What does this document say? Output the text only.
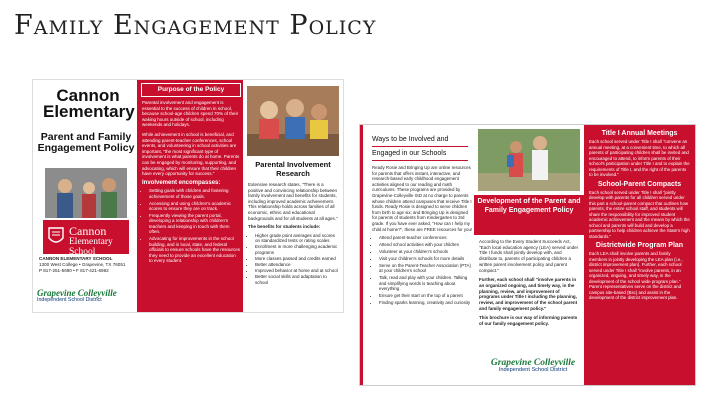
Family Engagement Policy
Cannon Elementary
Parent and Family Engagement Policy
Cannon
Elementary School
CANNON ELEMENTARY SCHOOL
1300 West College • Grapevine, TX 76051
P 817-251-5690 • F 817-421-6982
Grapevine Colleyville
Independent School District
Purpose of the Policy

Parental involvement and engagement is essential to the success of children in school, because school-age children spend 70% of their waking hours outside of school, including weekends and holidays.

While achievement in school is beneficial, and attending parent-teacher conferences, school events, and volunteering in school activities are important, "the most significant type of involvement is what parents do at home. Parents can be engaged by monitoring, supporting, and advocating, which will ensure that their children have every opportunity for success."

Involvement encompasses:
• Setting goals with children and fostering achievement of those goals.
• Accessing and using children's academic scores to ensure they are on track.
• Frequently viewing the parent portal, developing a relationship with children's teachers and keeping in touch with them often.
• Advocating for improvements in the school building, and in local, state, and federal officials to ensure schools have the resources they need to provide an excellent education to every student.
Parental Involvement Research

Extensive research states, "There is a positive and convincing relationship between family involvement and benefits for students, including improved academic achievement. This relationship holds across families of all economic, ethnic and educational backgrounds and for all students at all ages."

The benefits for students include:

• Higher grade point averages and scores on standardized tests or rating scales
• Enrollment in more challenging academic programs
• More classes passed and credits earned
• Better attendance
• Improved behavior at home and at school
• Better social skills and adaptation to school
Ways to be Involved and
Engaged in our Schools

Ready Rosie and Bringing Up are online resources for parents that offers instant, interactive, and research-based early childhood engagement activities aligned to our reading and math curriculums. These programs are provided by Grapevine-Colleyville ISD at no charge to parents whose children attend campuses that receive Title I funds. Ready Rosie is designed to serve children from birth to age six; and Bringing Up is designed for parents of students from Kindergarten to 3rd grade. If you have ever asked, "How can I help my child at home?", these are FREE resources for you!

• Attend parent-teacher conferences
• Attend school activities with your children
• Volunteer at your children's schools
• Visit your children's schools for more details
• Serve on the Parent-Teacher Association (PTA) at your children's school
• Talk, read and play with your children. Talking and simplifying words is teaching about everything
• Ensure get their start on the top of a parent
• Finding sparks learning, creativity and curiosity
Development of the Parent and Family Engagement Policy

According to the Every Student Succeeds Act, "Each local education agency (LEA) served under Title I funds shall jointly develop with, and distribute to, parents of participating children a written parent involvement policy and parent compact."

Further, each school shall "involve parents in an organized ongoing, and timely way, in the planning, review, and improvement of programs under Title I including the planning, review, and improvement of the school parent and family engagement policy."

This brochure is our way of informing parents of our family engagement policy.

Grapevine Colleyville
Independent School District
Title I Annual Meetings

Each school served under Title I shall "convene an annual meeting, at a convenient time, to which all parents of participating children shall be invited and encouraged to attend, to inform parents of their school's participation under Title I and to explain the requirements of Title I, and the right of the parents to be involved."

School-Parent Compacts

Each school served under Title I shall "jointly develop with parents for all children served under this part a school-parent compact that outlines how parents, the entire school staff, and students will share the responsibility for improved student academic achievement and the means by which the school and parents will build and develop a partnership to help children achieve the State's high standards."

Districtwide Program Plan

Each LEA shall involve parents and family members in jointly developing the LEA plan (i.e., district improvement plan). Further, each school served under Title I shall "involve parents, in an organized, ongoing, and timely way, in the development of the school wide program plan." Parent representatives serve on the district and campus site-based (Bsc) and assist in the development of the district improvement plan.
